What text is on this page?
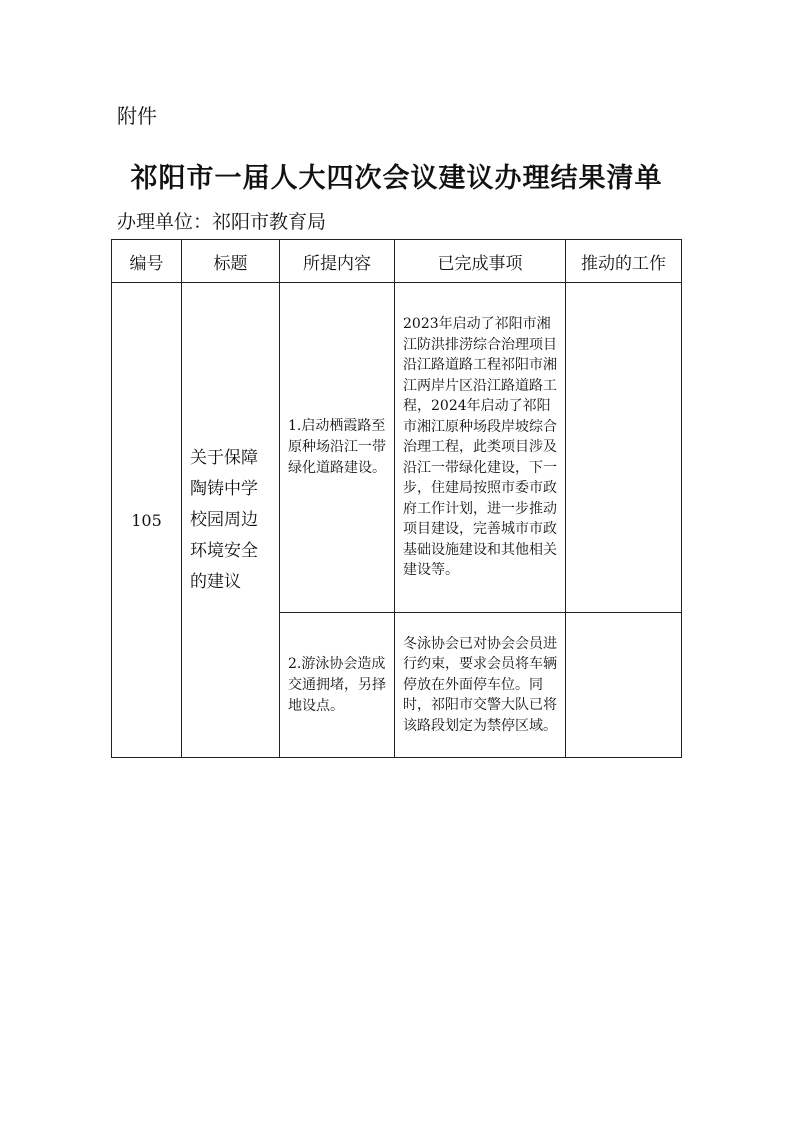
附件
祁阳市一届人大四次会议建议办理结果清单
办理单位：祁阳市教育局
编号	标题	所提内容	已完成事项	推动的工作
105	关于保障陶铸中学校园周边环境安全的建议	1.启动栖霞路至原种场沿江一带绿化道路建设。	2023年启动了祁阳市湘江防洪排涝综合治理项目沿江路道路工程祁阳市湘江两岸片区沿江路道路工程，2024年启动了祁阳市湘江原种场段岸坡综合治理工程，此类项目涉及沿江一带绿化建设，下一步，住建局按照市委市政府工作计划，进一步推动项目建设，完善城市市政基础设施建设和其他相关建设等。	
		2.游泳协会造成交通拥堵，另择地设点。	冬泳协会已对协会会员进行约束，要求会员将车辆停放在外面停车位。同时，祁阳市交警大队已将该路段划定为禁停区域。	
